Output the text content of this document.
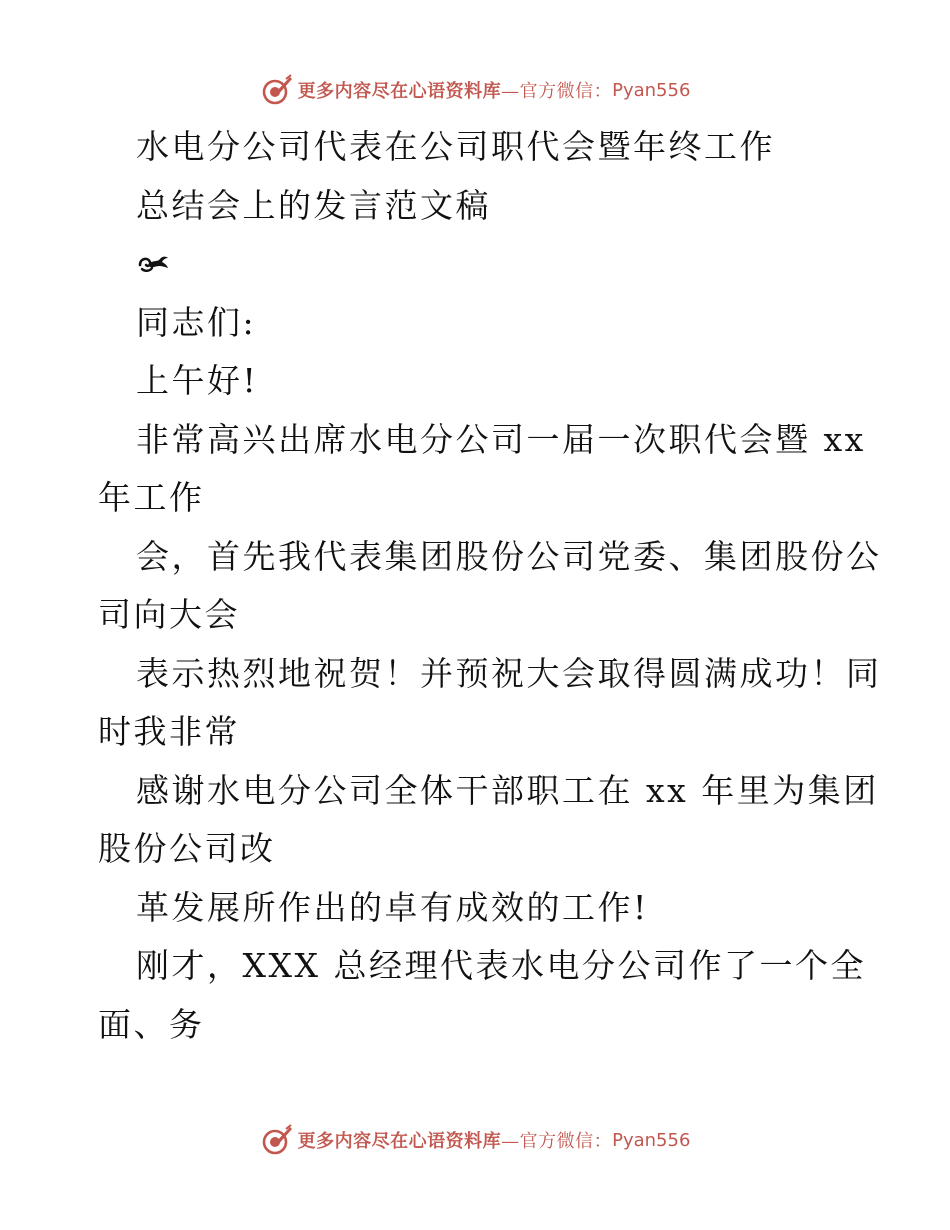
更多内容尽在心语资料库 —官方微信： Pyan556
水电分公司代表在公司职代会暨年终工作
总结会上的发言范文稿
同志们:
上午好!
非常高兴出席水电分公司一届一次职代会暨 xx
年工作
会，首先我代表集团股份公司党委、集团股份公
司向大会
表示热烈地祝贺！并预祝大会取得圆满成功！同
时我非常
感谢水电分公司全体干部职工在 xx 年里为集团
股份公司改
革发展所作出的卓有成效的工作!
刚才，XXX 总经理代表水电分公司作了一个全
面、务
更多内容尽在心语资料库 —官方微信： Pyan556
